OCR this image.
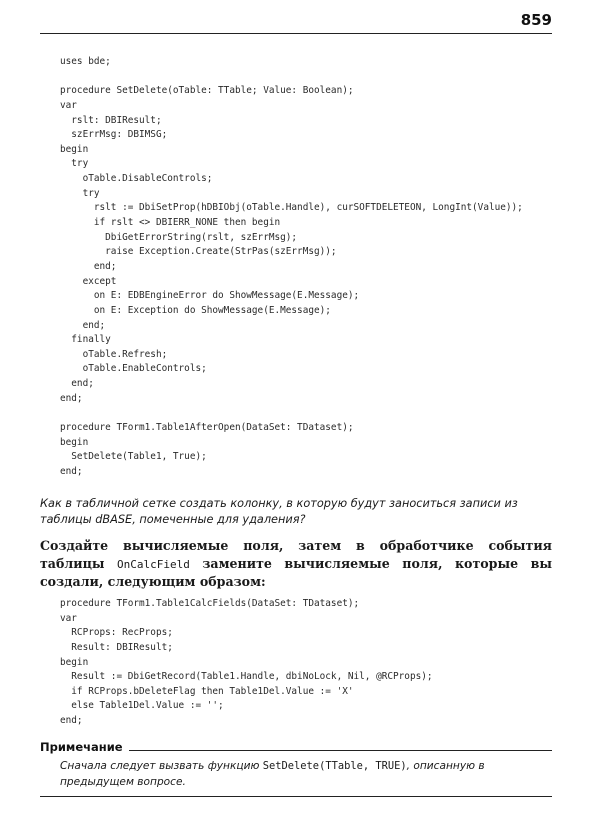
859
uses bde;
procedure SetDelete(oTable: TTable; Value: Boolean);
var
rslt: DBIResult;
szErrMsg: DBIMSG;
begin
try
oTable.DisableControls;
try
rslt := DbiSetProp(hDBIObj(oTable.Handle), curSOFTDELETEON, LongInt(Value));
if rslt <> DBIERR_NONE then begin
DbiGetErrorString(rslt, szErrMsg);
raise Exception.Create(StrPas(szErrMsg));
end;
except
on E: EDBEngineError do ShowMessage(E.Message);
on E: Exception do ShowMessage(E.Message);
end;
finally
oTable.Refresh;
oTable.EnableControls;
end;
end;
procedure TForm1.Table1AfterOpen(DataSet: TDataset);
begin
SetDelete(Table1, True);
end;

Как в табличной сетке создать колонку, в которую будут заноситься записи из таблицы dBASE, помеченные для удаления?

Создайте вычисляемые поля, затем в обработчике события таблицы OnCalcField замените вычисляемые поля, которые вы создали, следующим образом:

procedure TForm1.Table1CalcFields(DataSet: TDataset);
var
RCProps: RecProps;
Result: DBIResult;
begin
Result := DbiGetRecord(Table1.Handle, dbiNoLock, Nil, @RCProps);
if RCProps.bDeleteFlag then Table1Del.Value := 'X'
else Table1Del.Value := '';
end;
Примечание

Сначала следует вызвать функцию SetDelete(TTable, TRUE), описанную в предыдущем вопросе.
